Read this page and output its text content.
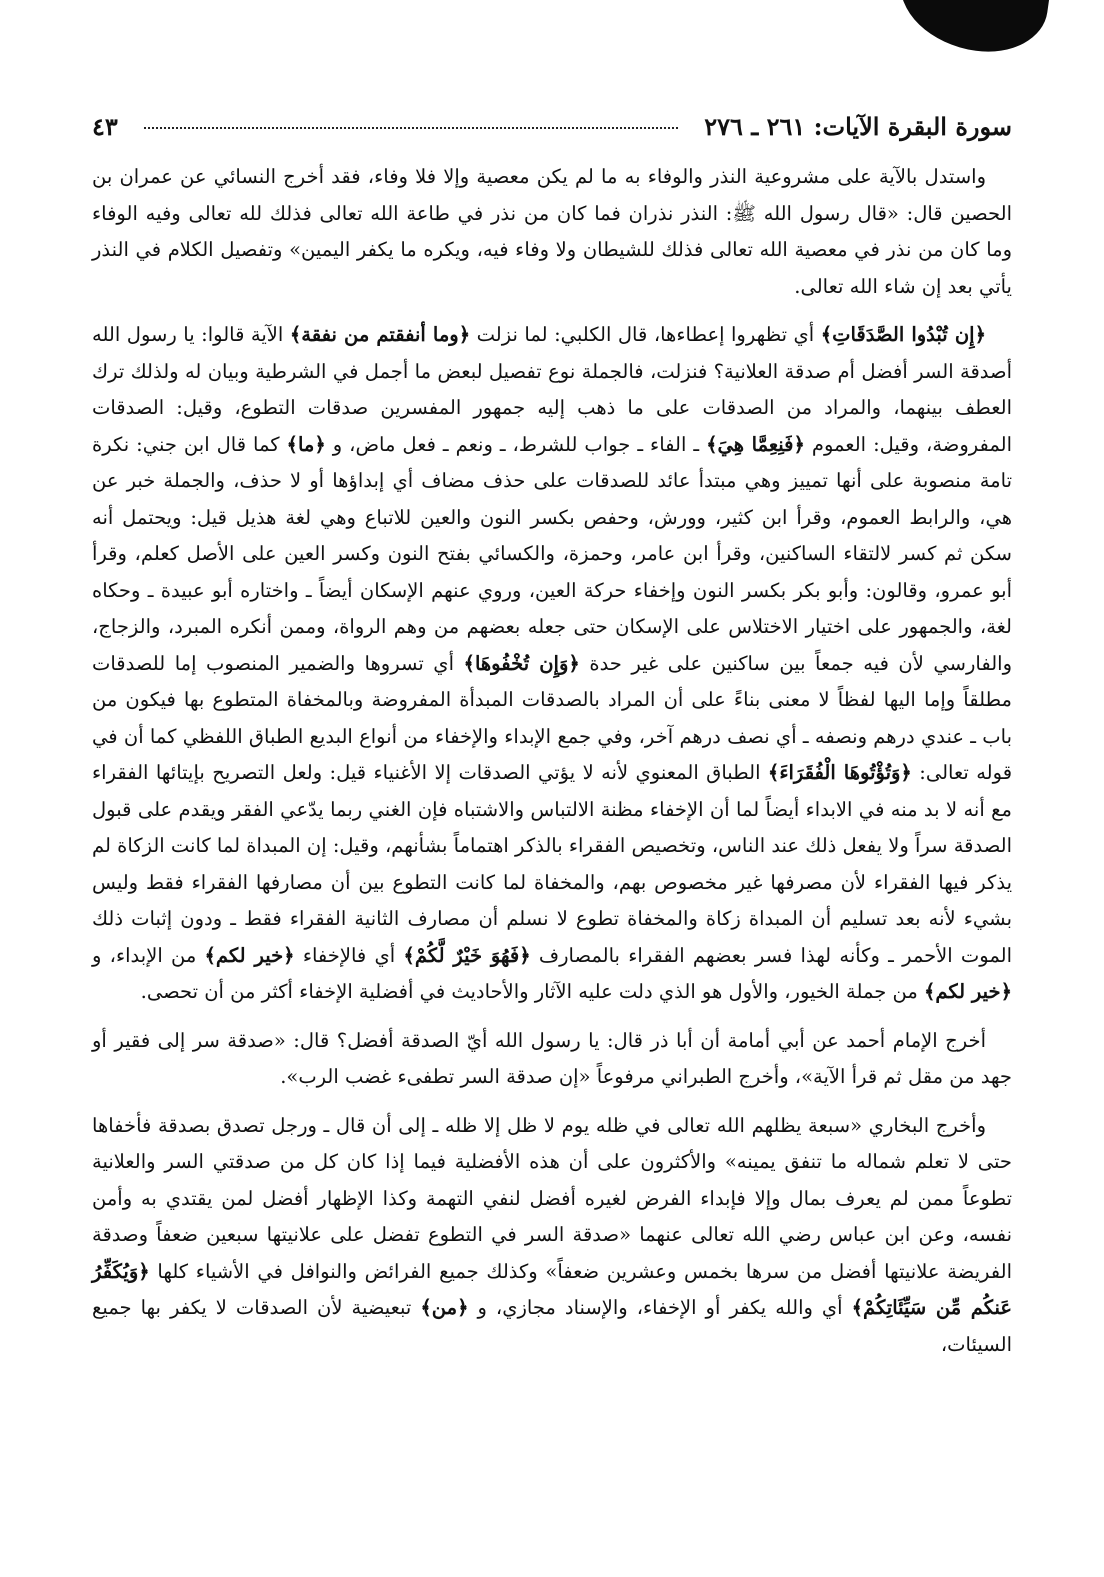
سورة البقرة الآيات: ٢٦١ ـ ٢٧٦
٤٣

واستدل بالآية على مشروعية النذر والوفاء به ما لم يكن معصية وإلا فلا وفاء، فقد أخرج النسائي عن عمران بن الحصين قال: «قال رسول الله ﷺ: النذر نذران فما كان من نذر في طاعة الله تعالى فذلك لله تعالى وفيه الوفاء وما كان من نذر في معصية الله تعالى فذلك للشيطان ولا وفاء فيه، ويكره ما يكفر اليمين» وتفصيل الكلام في النذر يأتي بعد إن شاء الله تعالى.

﴿إِن تُبْدُوا الصَّدَقَاتِ﴾ أي تظهروا إعطاءها، قال الكلبي: لما نزلت ﴿وما أنفقتم من نفقة﴾ الآية قالوا: يا رسول الله أصدقة السر أفضل أم صدقة العلانية؟ فنزلت، فالجملة نوع تفصيل لبعض ما أجمل في الشرطية وبيان له ولذلك ترك العطف بينهما، والمراد من الصدقات على ما ذهب إليه جمهور المفسرين صدقات التطوع، وقيل: الصدقات المفروضة، وقيل: العموم ﴿فَنِعِمَّا هِيَ﴾ ـ الفاء ـ جواب للشرط، ـ ونعم ـ فعل ماض، و ﴿ما﴾ كما قال ابن جني: نكرة تامة منصوبة على أنها تمييز وهي مبتدأ عائد للصدقات على حذف مضاف أي إبداؤها أو لا حذف، والجملة خبر عن هي، والرابط العموم، وقرأ ابن كثير، وورش، وحفص بكسر النون والعين للاتباع وهي لغة هذيل قيل: ويحتمل أنه سكن ثم كسر لالتقاء الساكنين، وقرأ ابن عامر، وحمزة، والكسائي بفتح النون وكسر العين على الأصل كعلم، وقرأ أبو عمرو، وقالون: وأبو بكر بكسر النون وإخفاء حركة العين، وروي عنهم الإسكان أيضاً ـ واختاره أبو عبيدة ـ وحكاه لغة، والجمهور على اختيار الاختلاس على الإسكان حتى جعله بعضهم من وهم الرواة، وممن أنكره المبرد، والزجاج، والفارسي لأن فيه جمعاً بين ساكنين على غير حدة ﴿وَإِن تُخْفُوهَا﴾ أي تسروها والضمير المنصوب إما للصدقات مطلقاً وإما اليها لفظاً لا معنى بناءً على أن المراد بالصدقات المبدأة المفروضة وبالمخفاة المتطوع بها فيكون من باب ـ عندي درهم ونصفه ـ أي نصف درهم آخر، وفي جمع الإبداء والإخفاء من أنواع البديع الطباق اللفظي كما أن في قوله تعالى: ﴿وَتُؤْتُوهَا الْفُقَرَاءَ﴾ الطباق المعنوي لأنه لا يؤتي الصدقات إلا الأغنياء قيل: ولعل التصريح بإيتائها الفقراء مع أنه لا بد منه في الابداء أيضاً لما أن الإخفاء مظنة الالتباس والاشتباه فإن الغني ربما يدّعي الفقر ويقدم على قبول الصدقة سراً ولا يفعل ذلك عند الناس، وتخصيص الفقراء بالذكر اهتماماً بشأنهم، وقيل: إن المبداة لما كانت الزكاة لم يذكر فيها الفقراء لأن مصرفها غير مخصوص بهم، والمخفاة لما كانت التطوع بين أن مصارفها الفقراء فقط وليس بشيء لأنه بعد تسليم أن المبداة زكاة والمخفاة تطوع لا نسلم أن مصارف الثانية الفقراء فقط ـ ودون إثبات ذلك الموت الأحمر ـ وكأنه لهذا فسر بعضهم الفقراء بالمصارف ﴿فَهُوَ خَيْرٌ لَّكُمْ﴾ أي فالإخفاء ﴿خير لكم﴾ من الإبداء، و ﴿خير لكم﴾ من جملة الخيور، والأول هو الذي دلت عليه الآثار والأحاديث في أفضلية الإخفاء أكثر من أن تحصى.

أخرج الإمام أحمد عن أبي أمامة أن أبا ذر قال: يا رسول الله أيّ الصدقة أفضل؟ قال: «صدقة سر إلى فقير أو جهد من مقل ثم قرأ الآية»، وأخرج الطبراني مرفوعاً «إن صدقة السر تطفىء غضب الرب».

وأخرج البخاري «سبعة يظلهم الله تعالى في ظله يوم لا ظل إلا ظله ـ إلى أن قال ـ ورجل تصدق بصدقة فأخفاها حتى لا تعلم شماله ما تنفق يمينه» والأكثرون على أن هذه الأفضلية فيما إذا كان كل من صدقتي السر والعلانية تطوعاً ممن لم يعرف بمال وإلا فإبداء الفرض لغيره أفضل لنفي التهمة وكذا الإظهار أفضل لمن يقتدي به وأمن نفسه، وعن ابن عباس رضي الله تعالى عنهما «صدقة السر في التطوع تفضل على علانيتها سبعين ضعفاً وصدقة الفريضة علانيتها أفضل من سرها بخمس وعشرين ضعفاً» وكذلك جميع الفرائض والنوافل في الأشياء كلها ﴿وَيُكَفِّرُ عَنكُم مِّن سَيِّئَاتِكُمْ﴾ أي والله يكفر أو الإخفاء، والإسناد مجازي، و ﴿من﴾ تبعيضية لأن الصدقات لا يكفر بها جميع السيئات،
